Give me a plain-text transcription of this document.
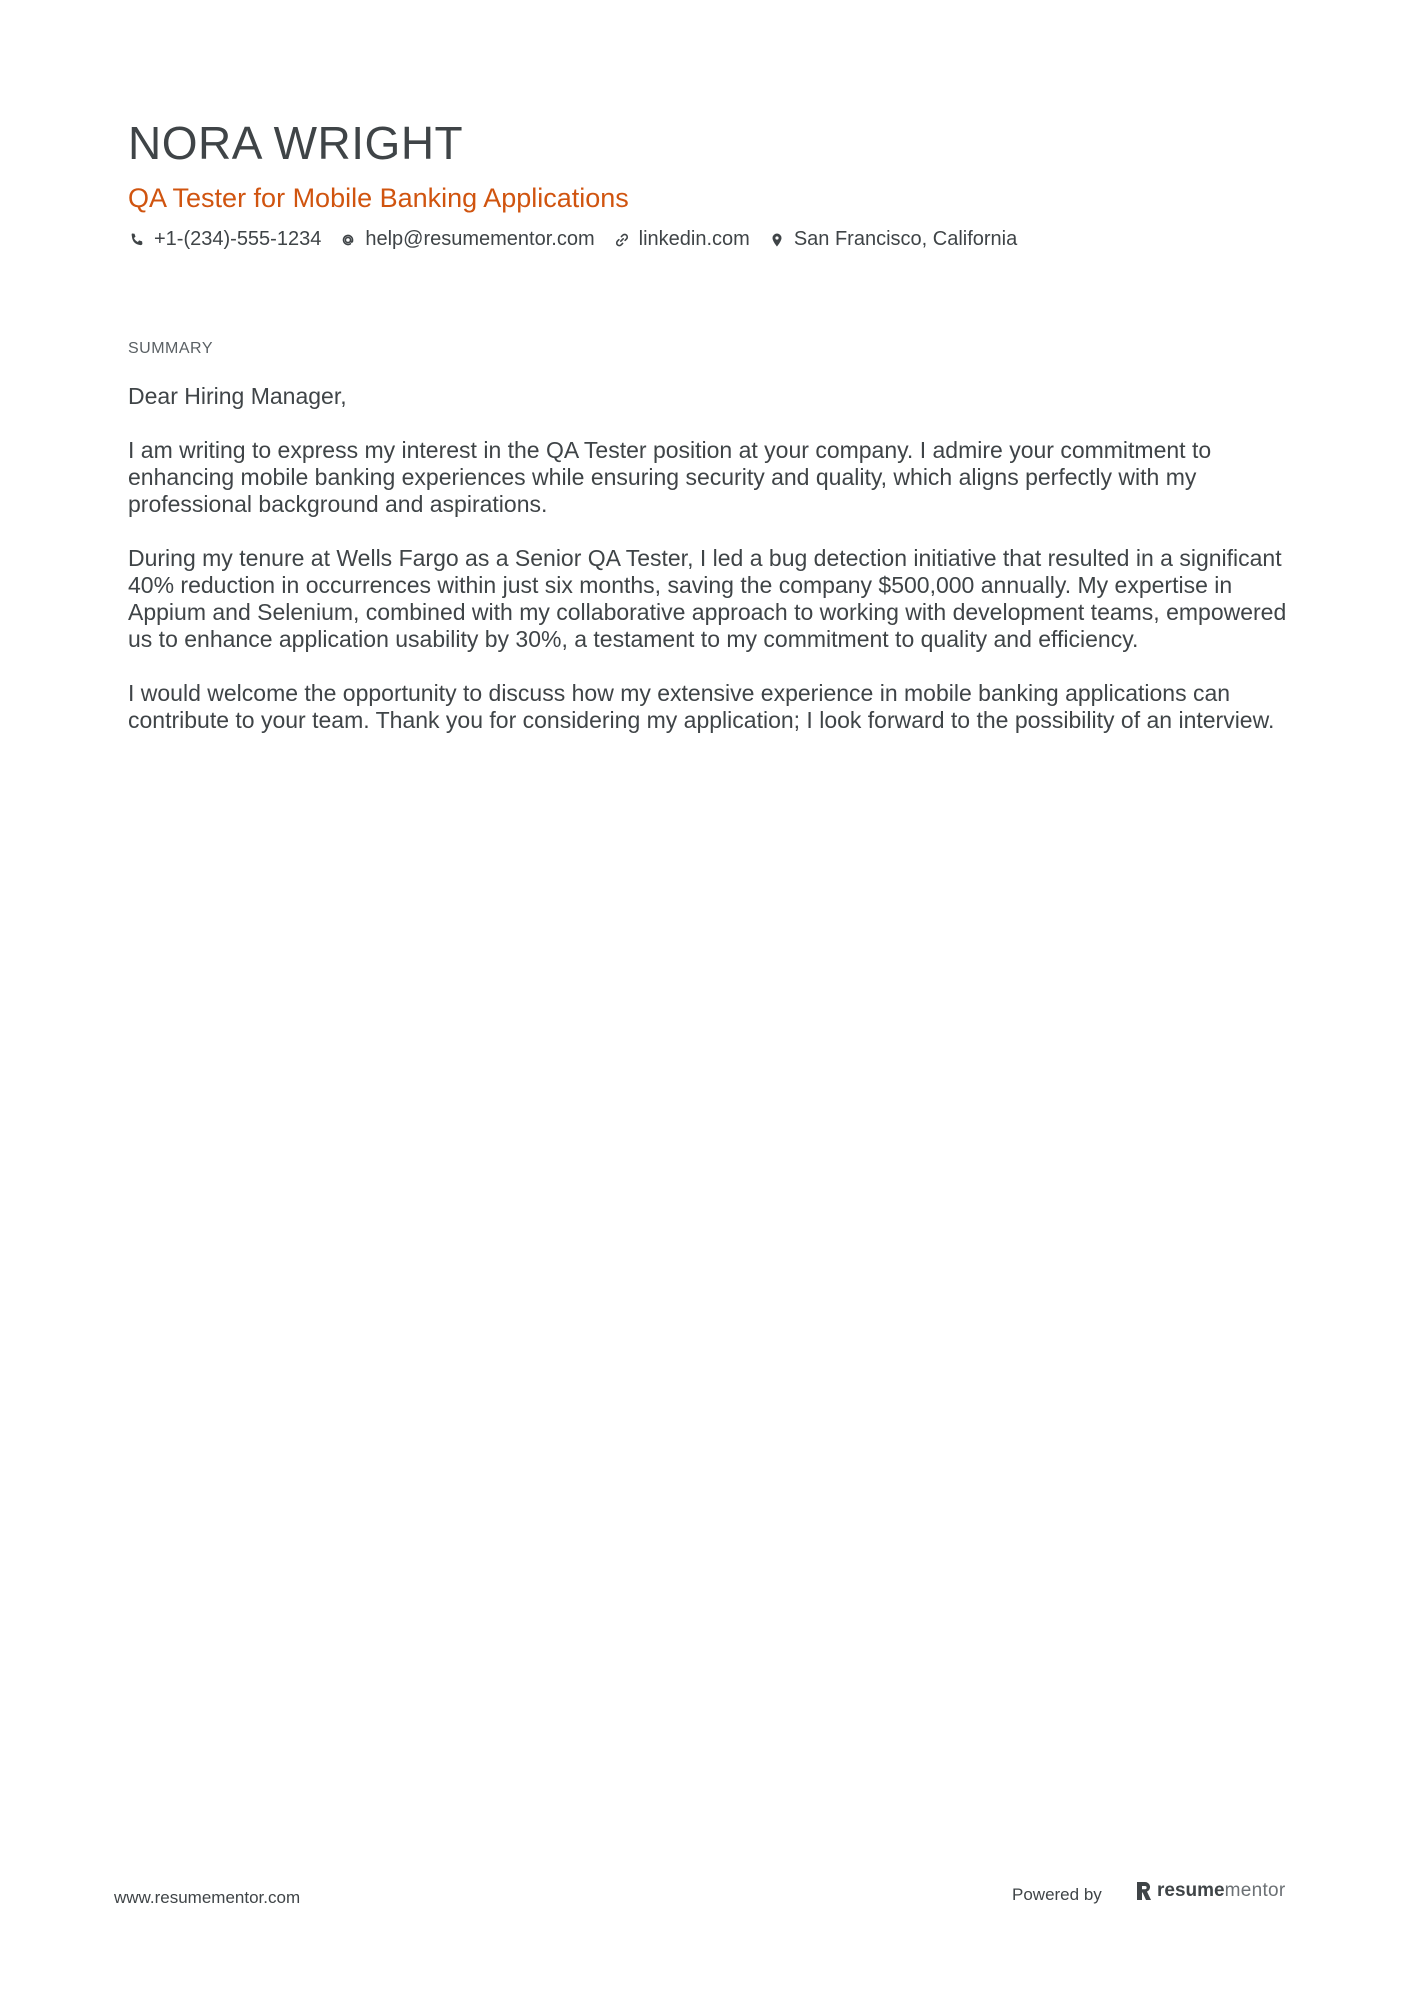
NORA WRIGHT
QA Tester for Mobile Banking Applications
+1-(234)-555-1234 help@resumementor.com linkedin.com San Francisco, California
SUMMARY

Dear Hiring Manager,

I am writing to express my interest in the QA Tester position at your company. I admire your commitment to enhancing mobile banking experiences while ensuring security and quality, which aligns perfectly with my professional background and aspirations.

During my tenure at Wells Fargo as a Senior QA Tester, I led a bug detection initiative that resulted in a significant 40% reduction in occurrences within just six months, saving the company $500,000 annually. My expertise in Appium and Selenium, combined with my collaborative approach to working with development teams, empowered us to enhance application usability by 30%, a testament to my commitment to quality and efficiency.

I would welcome the opportunity to discuss how my extensive experience in mobile banking applications can contribute to your team. Thank you for considering my application; I look forward to the possibility of an interview.

www.resumementor.com	Powered by	resume mentor
